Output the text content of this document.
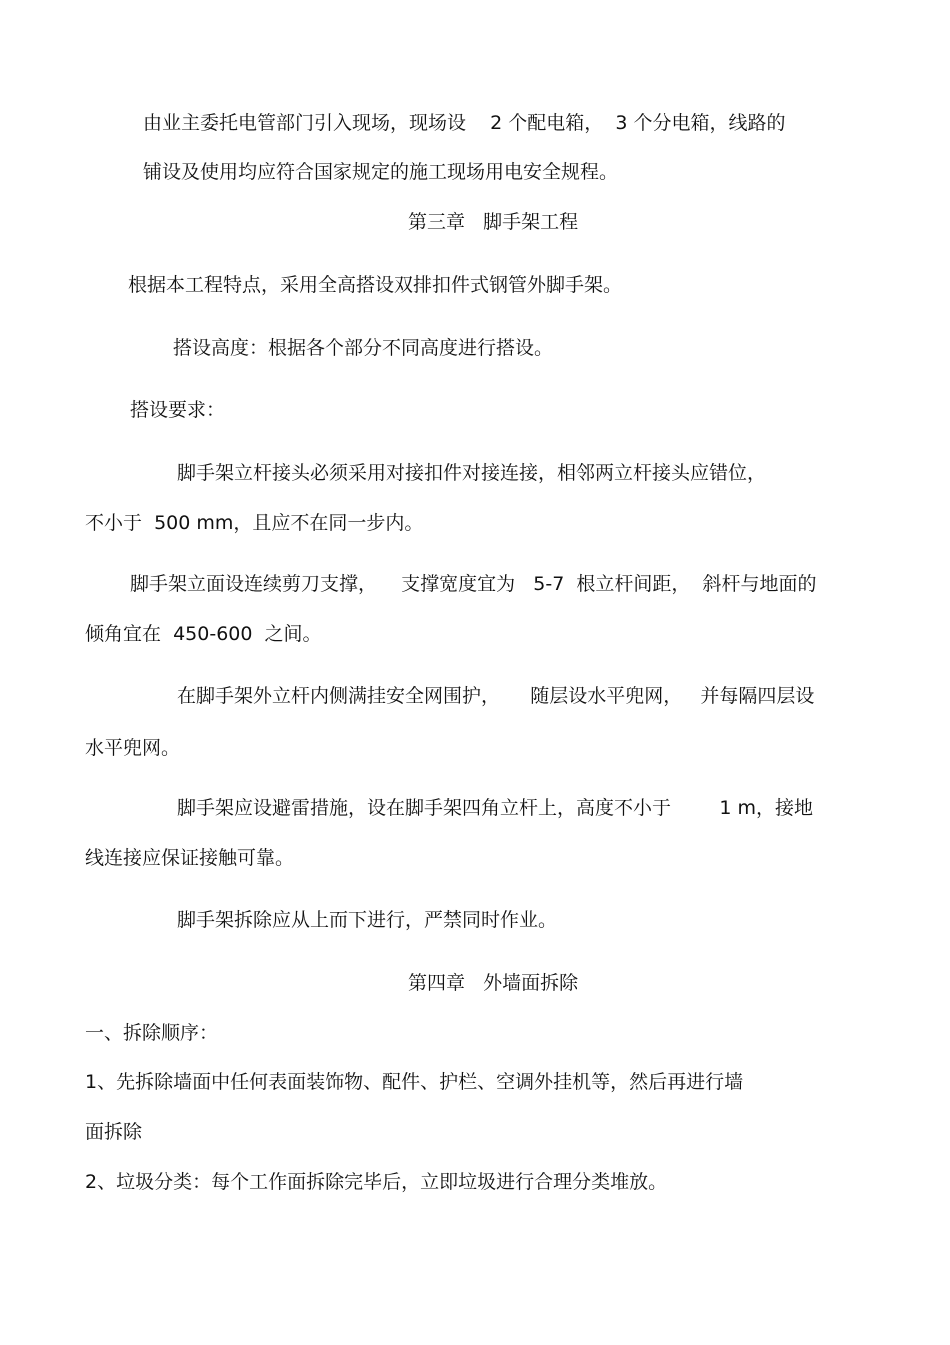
由业主委托电管部门引入现场，现场设    2 个配电箱，  3 个分电箱，线路的

铺设及使用均应符合国家规定的施工现场用电安全规程。

第三章   脚手架工程

根据本工程特点，采用全高搭设双排扣件式钢管外脚手架。

搭设高度：根据各个部分不同高度进行搭设。

搭设要求：

脚手架立杆接头必须采用对接扣件对接连接，相邻两立杆接头应错位，

不小于  500 mm，且应不在同一步内。

脚手架立面设连续剪刀支撑，    支撑宽度宜为   5-7  根立杆间距，  斜杆与地面的

倾角宜在  450-600  之间。

在脚手架外立杆内侧满挂安全网围护，     随层设水平兜网，   并每隔四层设

水平兜网。

脚手架应设避雷措施，设在脚手架四角立杆上，高度不小于        1 m，接地

线连接应保证接触可靠。

脚手架拆除应从上而下进行，严禁同时作业。

第四章   外墙面拆除

一、拆除顺序：

1、先拆除墙面中任何表面装饰物、配件、护栏、空调外挂机等，然后再进行墙

面拆除

2、垃圾分类：每个工作面拆除完毕后，立即垃圾进行合理分类堆放。
